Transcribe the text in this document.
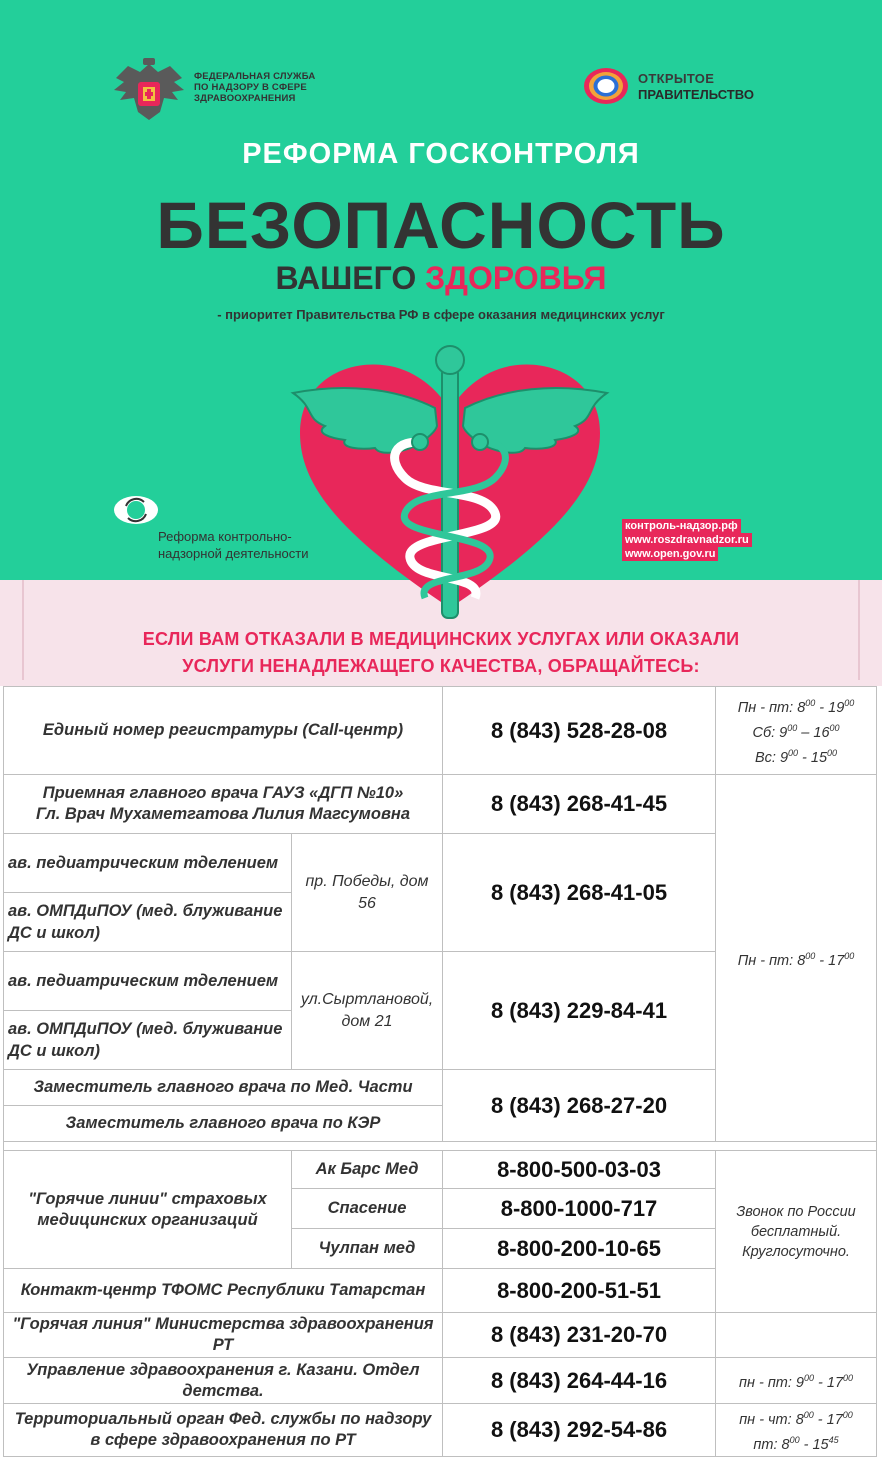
ФЕДЕРАЛЬНАЯ СЛУЖБА
ПО НАДЗОРУ В СФЕРЕ
ЗДРАВООХРАНЕНИЯ
ОТКРЫТОЕ
ПРАВИТЕЛЬСТВО
РЕФОРМА ГОСКОНТРОЛЯ
БЕЗОПАСНОСТЬ
ВАШЕГО ЗДОРОВЬЯ
- приоритет Правительства РФ в сфере оказания медицинских услуг
Реформа контрольно-
надзорной деятельности
контроль-надзор.рф
www.roszdravnadzor.ru
www.open.gov.ru
ЕСЛИ ВАМ ОТКАЗАЛИ В МЕДИЦИНСКИХ УСЛУГАХ ИЛИ ОКАЗАЛИ
УСЛУГИ НЕНАДЛЕЖАЩЕГО КАЧЕСТВА, ОБРАЩАЙТЕСЬ:
Единый номер регистратуры (Call-центр)		8 (843) 528-28-08	Пн - пт: $8^{00} - 19^{00}$
Сб: $9^{00} - 16^{00}$
Вс: $9^{00} - 15^{00}$

Приемная главного врача ГАУЗ «ДГП №10»
Гл. Врач Мухаметгатова Лилия Магсумовна		8 (843) 268-41-45	Пн - пт: $8^{00} - 17^{00}$
ав. педиатрическим тделением	пр. Победы, дом 56	8 (843) 268-41-05	
ав. ОМПДиПОУ (мед. блуживание ДС и школ)			
ав. педиатрическим тделением	ул.Сыртлановой, дом 21	8 (843) 229-84-41	
ав. ОМПДиПОУ (мед. блуживание ДС и школ)			
Заместитель главного врача по Мед. Части		8 (843) 268-27-20	
Заместитель главного врача по КЭР			

"Горячие линии" страховых медицинских организаций	Ак Барс Мед	8-800-500-03-03	Звонок по России бесплатный. Круглосуточно.
	Спасение	8-800-1000-717	
	Чулпан мед	8-800-200-10-65	
Контакт-центр ТФОМС Республики Татарстан		8-800-200-51-51	
"Горячая линия" Министерства здравоохранения РТ		8 (843) 231-20-70	
Управление здравоохранения г. Казани. Отдел детства.		8 (843) 264-44-16	пн - пт: $9^{00} - 17^{00}$
Территориальный орган Фед. службы по надзору в сфере здравоохранения по РТ		8 (843) 292-54-86	пн - чт: $8^{00} - 17^{00}$
пт: $8^{00} - 15^{45}$
